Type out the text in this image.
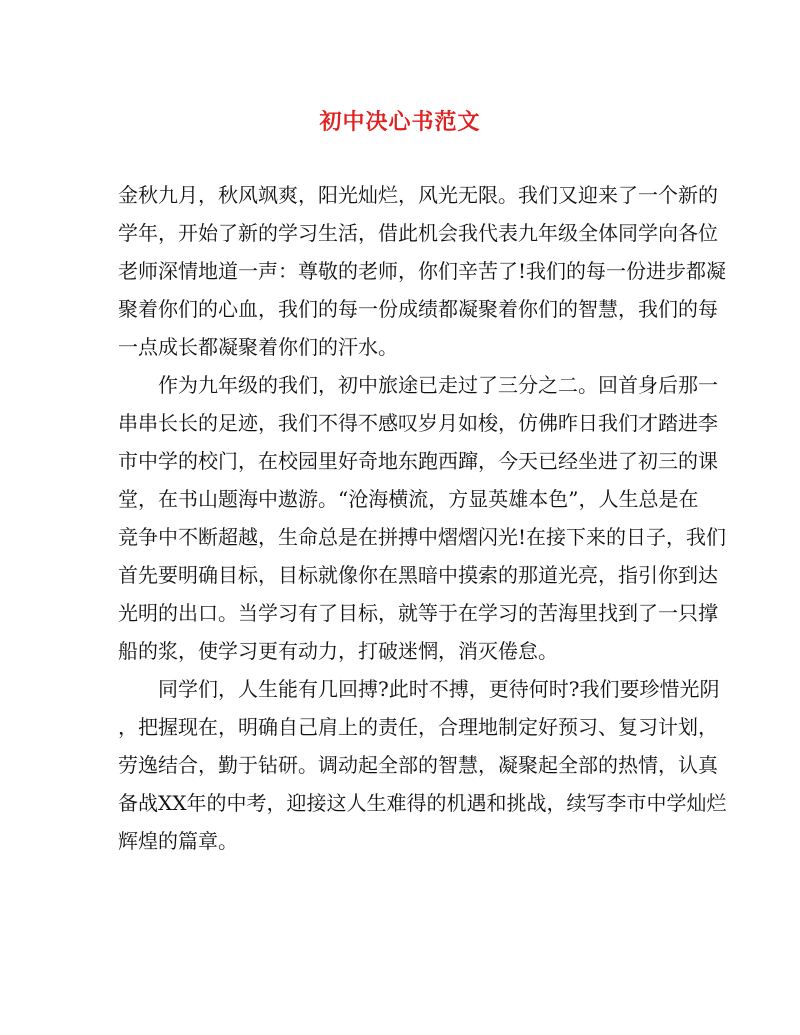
初中决心书范文
金秋九月，秋风飒爽，阳光灿烂，风光无限。我们又迎来了一个新的
学年，开始了新的学习生活，借此机会我代表九年级全体同学向各位
老师深情地道一声：尊敬的老师，你们辛苦了!我们的每一份进步都凝
聚着你们的心血，我们的每一份成绩都凝聚着你们的智慧，我们的每
一点成长都凝聚着你们的汗水。
　　作为九年级的我们，初中旅途已走过了三分之二。回首身后那一
串串长长的足迹，我们不得不感叹岁月如梭，仿佛昨日我们才踏进李
市中学的校门，在校园里好奇地东跑西蹿，今天已经坐进了初三的课
堂，在书山题海中遨游。“沧海横流，方显英雄本色”，人生总是在
竞争中不断超越，生命总是在拼搏中熠熠闪光!在接下来的日子，我们
首先要明确目标，目标就像你在黑暗中摸索的那道光亮，指引你到达
光明的出口。当学习有了目标，就等于在学习的苦海里找到了一只撑
船的浆，使学习更有动力，打破迷惘，消灭倦怠。
　　同学们，人生能有几回搏?此时不搏，更待何时?我们要珍惜光阴
，把握现在，明确自己肩上的责任，合理地制定好预习、复习计划，
劳逸结合，勤于钻研。调动起全部的智慧，凝聚起全部的热情，认真
备战XX年的中考，迎接这人生难得的机遇和挑战，续写李市中学灿烂
辉煌的篇章。
